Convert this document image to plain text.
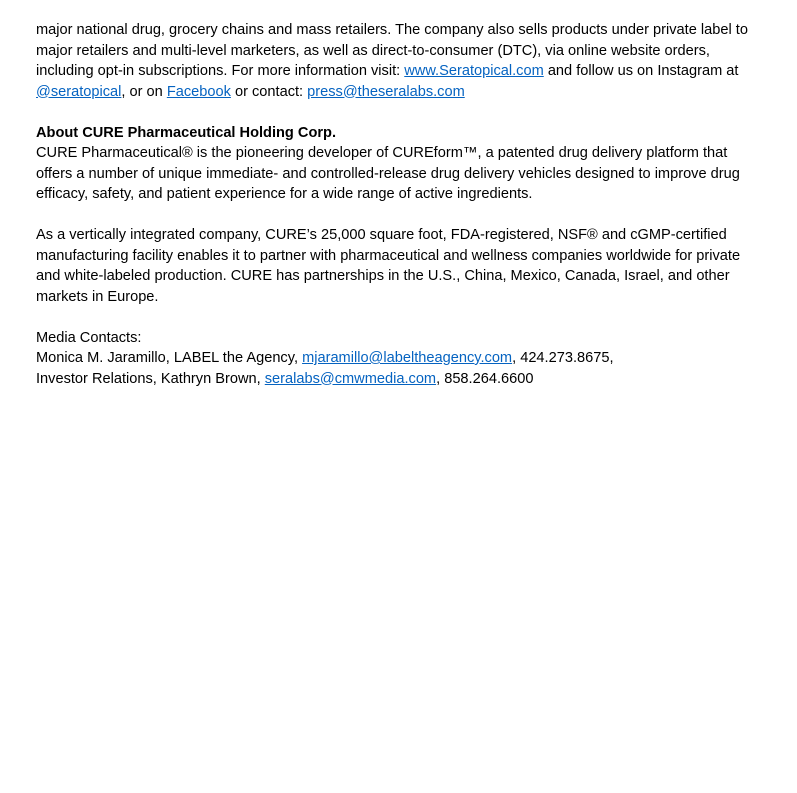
major national drug, grocery chains and mass retailers. The company also sells products under private label to major retailers and multi-level marketers, as well as direct-to-consumer (DTC), via online website orders, including opt-in subscriptions. For more information visit: www.Seratopical.com and follow us on Instagram at @seratopical, or on Facebook or contact: press@theseralabs.com

About CURE Pharmaceutical Holding Corp.
CURE Pharmaceutical® is the pioneering developer of CUREform™, a patented drug delivery platform that offers a number of unique immediate- and controlled-release drug delivery vehicles designed to improve drug efficacy, safety, and patient experience for a wide range of active ingredients.

As a vertically integrated company, CURE’s 25,000 square foot, FDA-registered, NSF® and cGMP-certified manufacturing facility enables it to partner with pharmaceutical and wellness companies worldwide for private and white-labeled production. CURE has partnerships in the U.S., China, Mexico, Canada, Israel, and other markets in Europe.

Media Contacts:
Monica M. Jaramillo, LABEL the Agency, mjaramillo@labeltheagency.com, 424.273.8675,
Investor Relations, Kathryn Brown, seralabs@cmwmedia.com, 858.264.6600
